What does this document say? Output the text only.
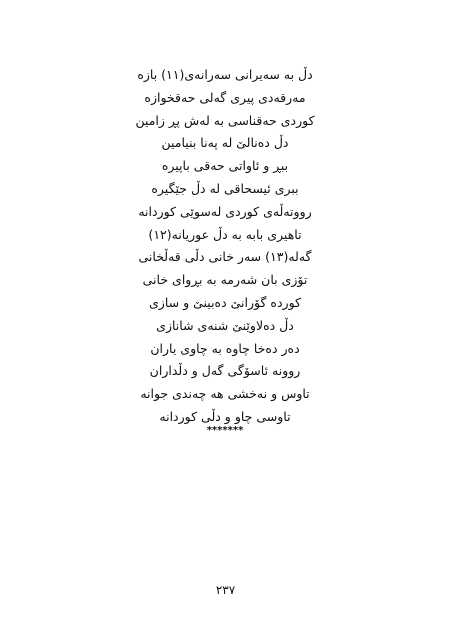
دڵ بە سەیرانی سەرانەی(١١) بازە
مەرقەدی پیری گەلی حەقخوازە
کوردی حەقناسی بە لەش پڕ زامین
دڵ دەنالێ لە پەنا بنیامین
ببڕ و ئاواتی حەقی باپیرە
ببری ئیسحاقی لە دڵ جێگیرە
رووتەڵەی کوردی لەسوێی کوردانە
تاهیری بابە بە دڵ عوریانە(١٢)
گەلە(١٣) سەر خانی دڵی قەڵخانی
تۆزی بان شەرمە بە بڕوای خانی
کوردە گۆرانێ دەبینێ و سازی
دڵ دەلاوێنێ شنەی شانازی
دەر دەخا چاوە بە چاوی یاران
روونە ئاسۆگی گەل و دڵداران
تاوس و نەخشی هە چەندی جوانە
تاوسی چاو و دڵی کوردانە
*******
٢٣٧
